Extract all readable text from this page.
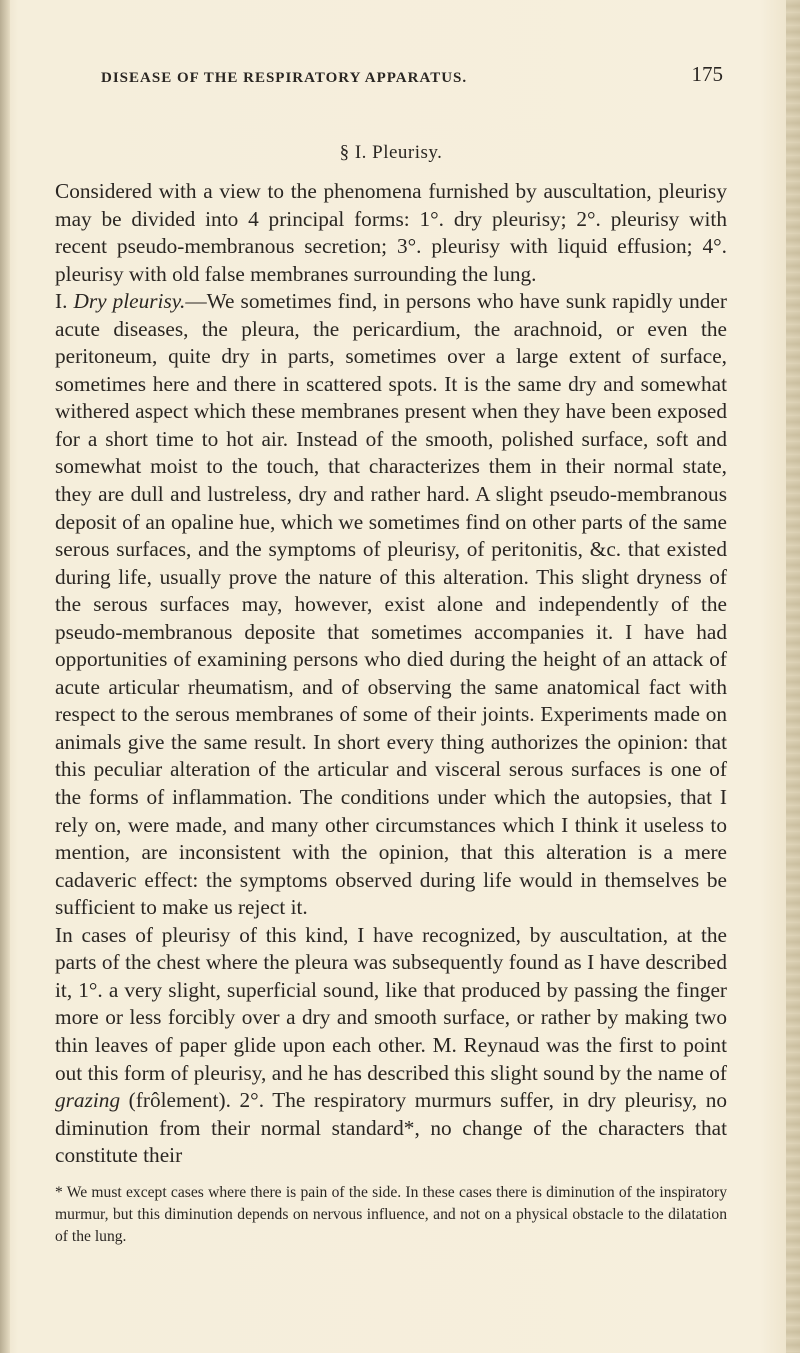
DISEASE OF THE RESPIRATORY APPARATUS.	175
§ I. Pleurisy.

Considered with a view to the phenomena furnished by auscultation, pleurisy may be divided into 4 principal forms: 1°. dry pleurisy; 2°. pleurisy with recent pseudo-membranous secretion; 3°. pleurisy with liquid effusion; 4°. pleurisy with old false membranes surrounding the lung.

I. Dry pleurisy.—We sometimes find, in persons who have sunk rapidly under acute diseases, the pleura, the pericardium, the arachnoid, or even the peritoneum, quite dry in parts, sometimes over a large extent of surface, sometimes here and there in scattered spots. It is the same dry and somewhat withered aspect which these membranes present when they have been exposed for a short time to hot air. Instead of the smooth, polished surface, soft and somewhat moist to the touch, that characterizes them in their normal state, they are dull and lustreless, dry and rather hard. A slight pseudo-membranous deposit of an opaline hue, which we sometimes find on other parts of the same serous surfaces, and the symptoms of pleurisy, of peritonitis, &c. that existed during life, usually prove the nature of this alteration. This slight dryness of the serous surfaces may, however, exist alone and independently of the pseudo-membranous deposite that sometimes accompanies it. I have had opportunities of examining persons who died during the height of an attack of acute articular rheumatism, and of observing the same anatomical fact with respect to the serous membranes of some of their joints. Experiments made on animals give the same result. In short every thing authorizes the opinion: that this peculiar alteration of the articular and visceral serous surfaces is one of the forms of inflammation. The conditions under which the autopsies, that I rely on, were made, and many other circumstances which I think it useless to mention, are inconsistent with the opinion, that this alteration is a mere cadaveric effect: the symptoms observed during life would in themselves be sufficient to make us reject it.

In cases of pleurisy of this kind, I have recognized, by auscultation, at the parts of the chest where the pleura was subsequently found as I have described it, 1°. a very slight, superficial sound, like that produced by passing the finger more or less forcibly over a dry and smooth surface, or rather by making two thin leaves of paper glide upon each other. M. Reynaud was the first to point out this form of pleurisy, and he has described this slight sound by the name of grazing (frôlement). 2°. The respiratory murmurs suffer, in dry pleurisy, no diminution from their normal standard*, no change of the characters that constitute their

* We must except cases where there is pain of the side. In these cases there is diminution of the inspiratory murmur, but this diminution depends on nervous influence, and not on a physical obstacle to the dilatation of the lung.
